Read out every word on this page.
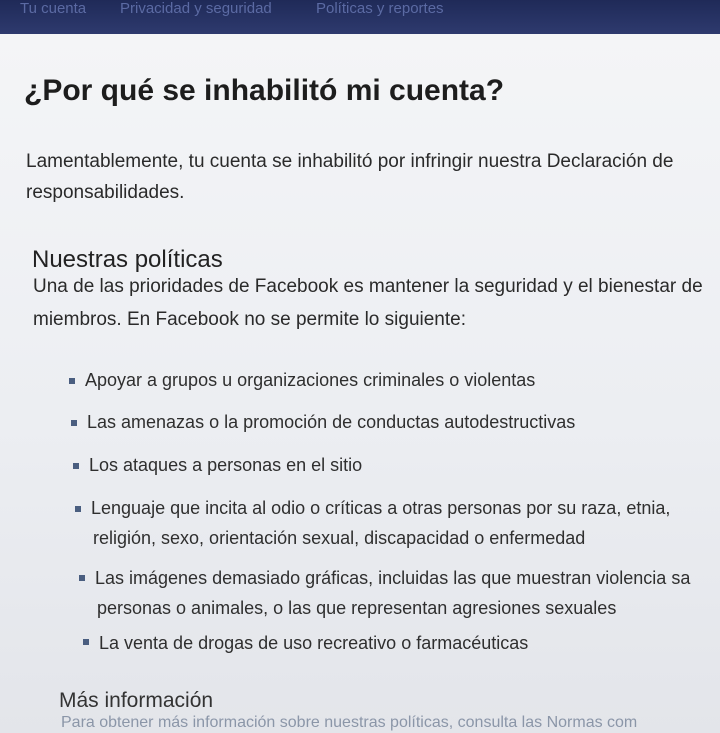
Tu cuenta Privacidad y seguridad	Políticas y reportes
¿Por qué se inhabilitó mi cuenta?
Lamentablemente, tu cuenta se inhabilitó por infringir nuestra Declaración de
responsabilidades.
Nuestras políticas
Una de las prioridades de Facebook es mantener la seguridad y el bienestar de
miembros. En Facebook no se permite lo siguiente:
Apoyar a grupos u organizaciones criminales o violentas
Las amenazas o la promoción de conductas autodestructivas
Los ataques a personas en el sitio
Lenguaje que incita al odio o críticas a otras personas por su raza, etnia,
religión, sexo, orientación sexual, discapacidad o enfermedad
Las imágenes demasiado gráficas, incluidas las que muestran violencia sa
personas o animales, o las que representan agresiones sexuales
La venta de drogas de uso recreativo o farmacéuticas
Más información
Para obtener más información sobre nuestras políticas, consulta las Normas com
